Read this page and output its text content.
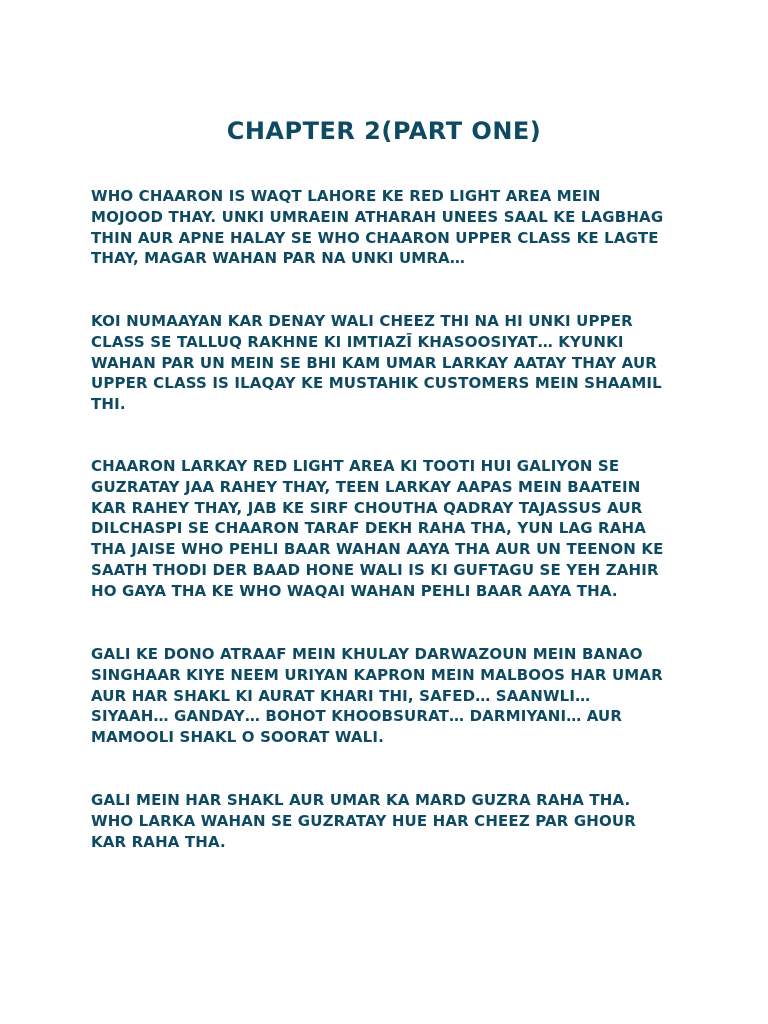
CHAPTER 2(PART ONE)

WHO CHAARON IS WAQT LAHORE KE RED LIGHT AREA MEIN
MOJOOD THAY. UNKI UMRAEIN ATHARAH UNEES SAAL KE LAGBHAG
THIN AUR APNE HALAY SE WHO CHAARON UPPER CLASS KE LAGTE
THAY, MAGAR WAHAN PAR NA UNKI UMRA…

KOI NUMAAYAN KAR DENAY WALI CHEEZ THI NA HI UNKI UPPER
CLASS SE TALLUQ RAKHNE KI IMTIAZĪ KHASOOSIYAT… KYUNKI
WAHAN PAR UN MEIN SE BHI KAM UMAR LARKAY AATAY THAY AUR
UPPER CLASS IS ILAQAY KE MUSTAHIK CUSTOMERS MEIN SHAAMIL
THI.

CHAARON LARKAY RED LIGHT AREA KI TOOTI HUI GALIYON SE
GUZRATAY JAA RAHEY THAY, TEEN LARKAY AAPAS MEIN BAATEIN
KAR RAHEY THAY, JAB KE SIRF CHOUTHA QADRAY TAJASSUS AUR
DILCHASPI SE CHAARON TARAF DEKH RAHA THA, YUN LAG RAHA
THA JAISE WHO PEHLI BAAR WAHAN AAYA THA AUR UN TEENON KE
SAATH THODI DER BAAD HONE WALI IS KI GUFTAGU SE YEH ZAHIR
HO GAYA THA KE WHO WAQAI WAHAN PEHLI BAAR AAYA THA.

GALI KE DONO ATRAAF MEIN KHULAY DARWAZOUN MEIN BANAO
SINGHAAR KIYE NEEM URIYAN KAPRON MEIN MALBOOS HAR UMAR
AUR HAR SHAKL KI AURAT KHARI THI, SAFED… SAANWLI…
SIYAAH… GANDAY… BOHOT KHOOBSURAT… DARMIYANI… AUR
MAMOOLI SHAKL O SOORAT WALI.

GALI MEIN HAR SHAKL AUR UMAR KA MARD GUZRA RAHA THA.
WHO LARKA WAHAN SE GUZRATAY HUE HAR CHEEZ PAR GHOUR
KAR RAHA THA.
